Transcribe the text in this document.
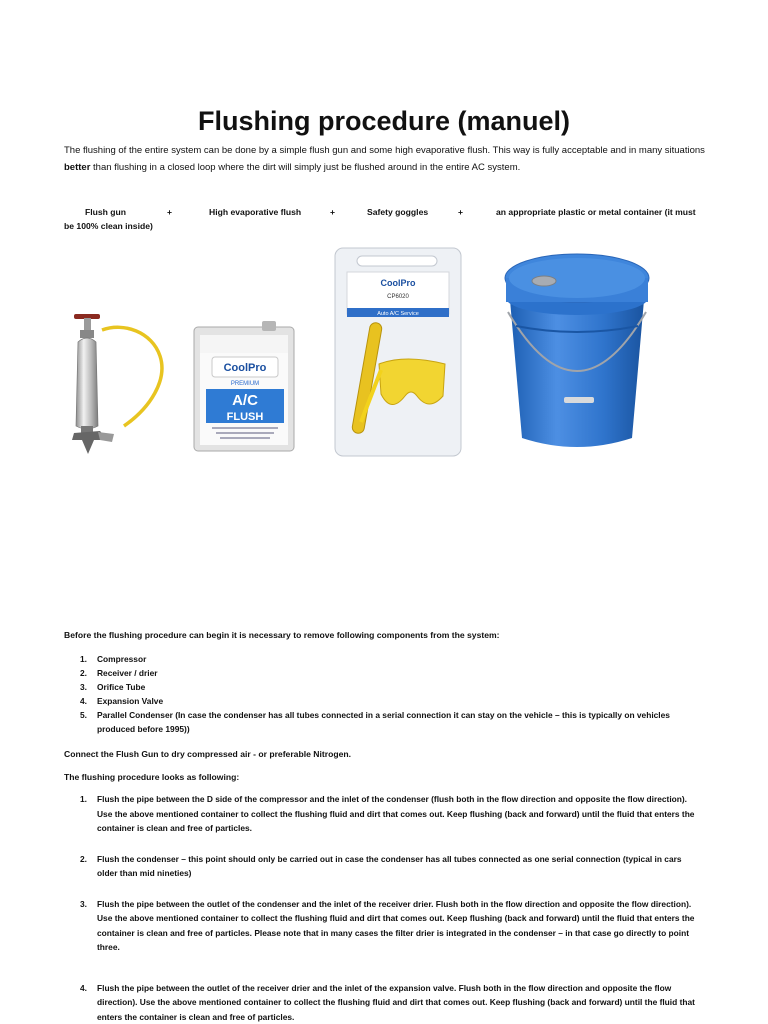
Flushing procedure (manuel)
The flushing of the entire system can be done by a simple flush gun and some high evaporative flush. This way is fully acceptable and in many situations better than flushing in a closed loop where the dirt will simply just be flushed around in the entire AC system.
Flush gun	+	High evaporative flush	+	Safety goggles	+	an appropriate plastic or metal container (it must
be 100% clean inside)
CoolPro
PREMIUM
A/C
FLUSH
CoolPro
CP6020
Auto A/C Service
Before the flushing procedure can begin it is necessary to remove following components from the system:
1. Compressor
2. Receiver / drier
3. Orifice Tube
4. Expansion Valve
5. Parallel Condenser (In case the condenser has all tubes connected in a serial connection it can stay on the vehicle – this is typically on vehicles produced before 1995))
Connect the Flush Gun to dry compressed air - or preferable Nitrogen.
The flushing procedure looks as following:
1. Flush the pipe between the D side of the compressor and the inlet of the condenser (flush both in the flow direction and opposite the flow direction). Use the above mentioned container to collect the flushing fluid and dirt that comes out. Keep flushing (back and forward) until the fluid that enters the container is clean and free of particles.
2. Flush the condenser – this point should only be carried out in case the condenser has all tubes connected as one serial connection (typical in cars older than mid nineties)
3. Flush the pipe between the outlet of the condenser and the inlet of the receiver drier. Flush both in the flow direction and opposite the flow direction). Use the above mentioned container to collect the flushing fluid and dirt that comes out. Keep flushing (back and forward) until the fluid that enters the container is clean and free of particles. Please note that in many cases the filter drier is integrated in the condenser – in that case go directly to point three.
4. Flush the pipe between the outlet of the receiver drier and the inlet of the expansion valve. Flush both in the flow direction and opposite the flow direction). Use the above mentioned container to collect the flushing fluid and dirt that comes out. Keep flushing (back and forward) until the fluid that enters the container is clean and free of particles.
